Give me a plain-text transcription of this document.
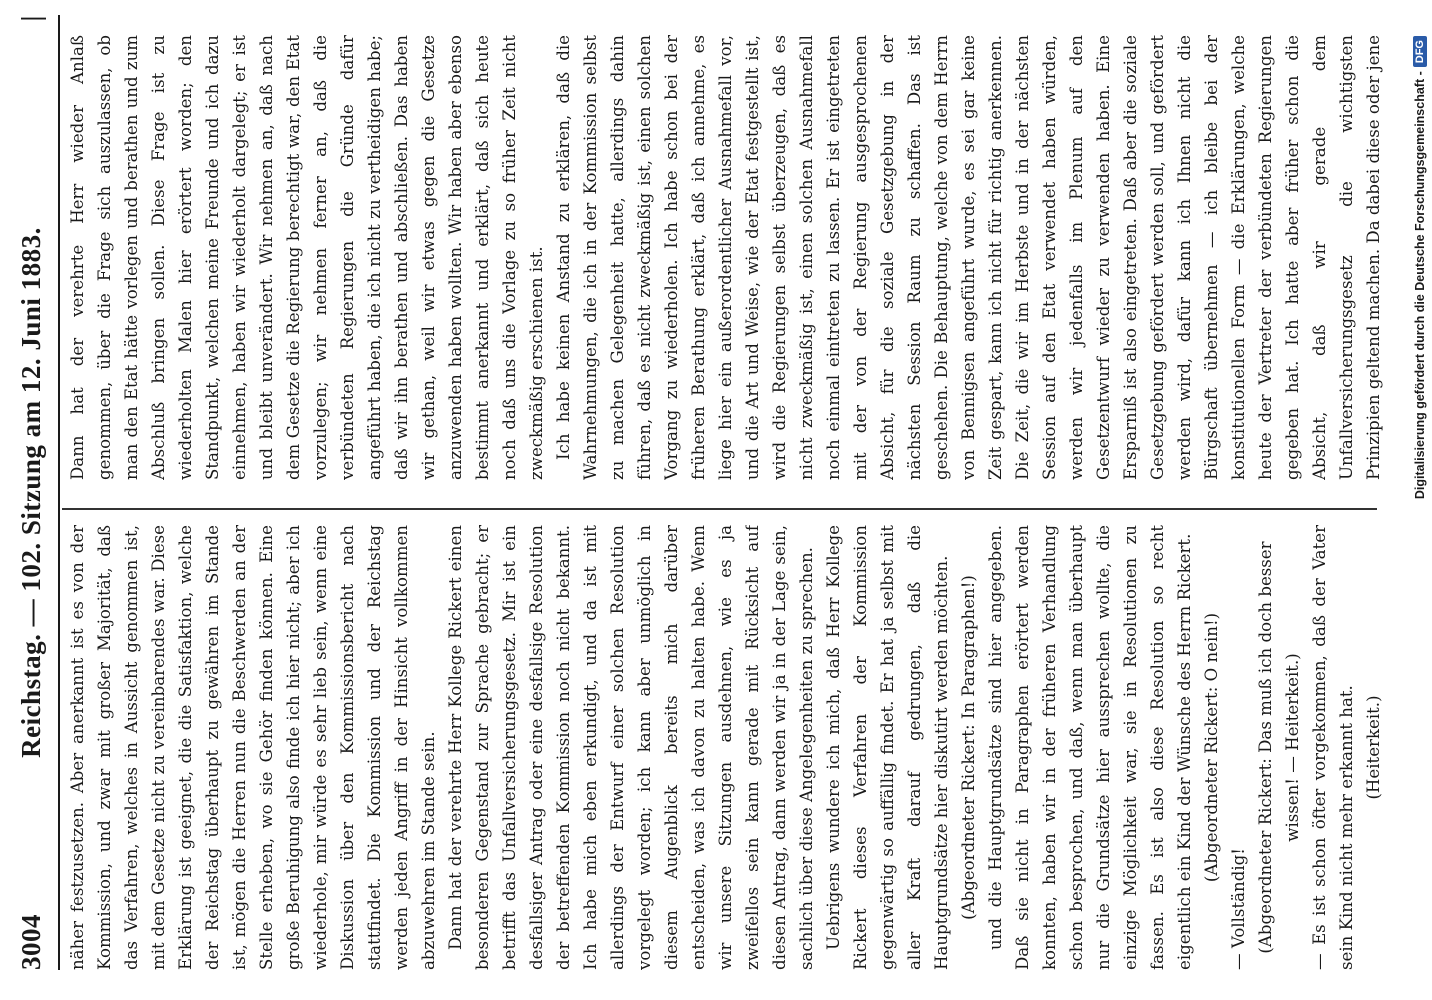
3004
Reichstag. — 102. Sitzung am 12. Juni 1883.
|

näher festzusetzen. Aber anerkannt ist es von der Kommission, und zwar mit großer Majorität, daß das Verfahren, welches in Aussicht genommen ist, mit dem Gesetze nicht zu vereinbarendes war. Diese Erklärung ist geeignet, die die Satisfaktion, welche der Reichstag überhaupt zu gewähren im Stande ist, mögen die Herren nun die Beschwerden an der Stelle erheben, wo sie Gehör finden können. Eine große Beruhigung also finde ich hier nicht; aber ich wiederhole, mir würde es sehr lieb sein, wenn eine Diskussion über den Kommissionsbericht nach stattfindet. Die Kommission und der Reichstag werden jeden Angriff in der Hinsicht vollkommen abzuwehren im Stande sein. Dann hat der verehrte Herr Kollege Rickert einen besonderen Gegenstand zur Sprache gebracht; er betrifft das Unfallversicherungsgesetz. Mir ist ein desfallsiger Antrag oder eine desfallsige Resolution der betreffenden Kommission noch nicht bekannt. Ich habe mich eben erkundigt, und da ist mit allerdings der Entwurf einer solchen Resolution vorgelegt worden; ich kann aber unmöglich in diesem Augenblick bereits mich darüber entscheiden, was ich davon zu halten habe. Wenn wir unsere Sitzungen ausdehnen, wie es ja zweifellos sein kann gerade mit Rücksicht auf diesen Antrag, dann werden wir ja in der Lage sein, sachlich über diese Angelegenheiten zu sprechen. Uebrigens wundere ich mich, daß Herr Kollege Rickert dieses Verfahren der Kommission gegenwärtig so auffällig findet. Er hat ja selbst mit aller Kraft darauf gedrungen, daß die Hauptgrundsätze hier diskutirt werden möchten. (Abgeordneter Rickert: In Paragraphen!) und die Hauptgrundsätze sind hier angegeben. Daß sie nicht in Paragraphen erörtert werden konnten, haben wir in der früheren Verhandlung schon besprochen, und daß, wenn man überhaupt nur die Grundsätze hier aussprechen wollte, die einzige Möglichkeit war, sie in Resolutionen zu fassen. Es ist also diese Resolution so recht eigentlich ein Kind der Wünsche des Herrn Rickert. (Abgeordneter Rickert: O nein!)

— Vollständig! (Abgeordneter Rickert: Das muß ich doch besser wissen! — Heiterkeit.) — Es ist schon öfter vorgekommen, daß der Vater sein Kind nicht mehr erkannt hat. (Heiterkeit.)

Dann hat der verehrte Herr wieder Anlaß genommen, über die Frage sich auszulassen, ob man den Etat hätte vorlegen und berathen und zum Abschluß bringen sollen. Diese Frage ist zu wiederholten Malen hier erörtert worden; den Standpunkt, welchen meine Freunde und ich dazu einnehmen, haben wir wiederholt dargelegt; er ist und bleibt unverändert. Wir nehmen an, daß nach dem Gesetze die Regierung berechtigt war, den Etat vorzulegen; wir nehmen ferner an, daß die verbündeten Regierungen die Gründe dafür angeführt haben, die ich nicht zu vertheidigen habe; daß wir ihn berathen und abschließen. Das haben wir gethan, weil wir etwas gegen die Gesetze anzuwenden haben wollten. Wir haben aber ebenso bestimmt anerkannt und erklärt, daß sich heute noch daß uns die Vorlage zu so früher Zeit nicht zweckmäßig erschienen ist. Ich habe keinen Anstand zu erklären, daß die Wahrnehmungen, die ich in der Kommission selbst zu machen Gelegenheit hatte, allerdings dahin führen, daß es nicht zweckmäßig ist, einen solchen Vorgang zu wiederholen. Ich habe schon bei der früheren Berathung erklärt, daß ich annehme, es liege hier ein außerordentlicher Ausnahmefall vor, und die Art und Weise, wie der Etat festgestellt ist, wird die Regierungen selbst überzeugen, daß es nicht zweckmäßig ist, einen solchen Ausnahmefall noch einmal eintreten zu lassen. Er ist eingetreten mit der von der Regierung ausgesprochenen Absicht, für die soziale Gesetzgebung in der nächsten Session Raum zu schaffen. Das ist geschehen. Die Behauptung, welche von dem Herrn von Bennigsen angeführt wurde, es sei gar keine Zeit gespart, kann ich nicht für richtig anerkennen. Die Zeit, die wir im Herbste und in der nächsten Session auf den Etat verwendet haben würden, werden wir jedenfalls im Plenum auf den Gesetzentwurf wieder zu verwenden haben. Eine Ersparniß ist also eingetreten. Daß aber die soziale Gesetzgebung gefördert werden soll, und gefördert werden wird, dafür kann ich Ihnen nicht die Bürgschaft übernehmen — ich bleibe bei der konstitutionellen Form — die Erklärungen, welche heute der Vertreter der verbündeten Regierungen gegeben hat. Ich hatte aber früher schon die Absicht, daß wir gerade dem Unfallversicherungsgesetz die wichtigsten Prinzipien geltend machen. Da dabei diese oder jene

Digitalisierung gefördert durch die Deutsche Forschungsgemeinschaft -
DFG
